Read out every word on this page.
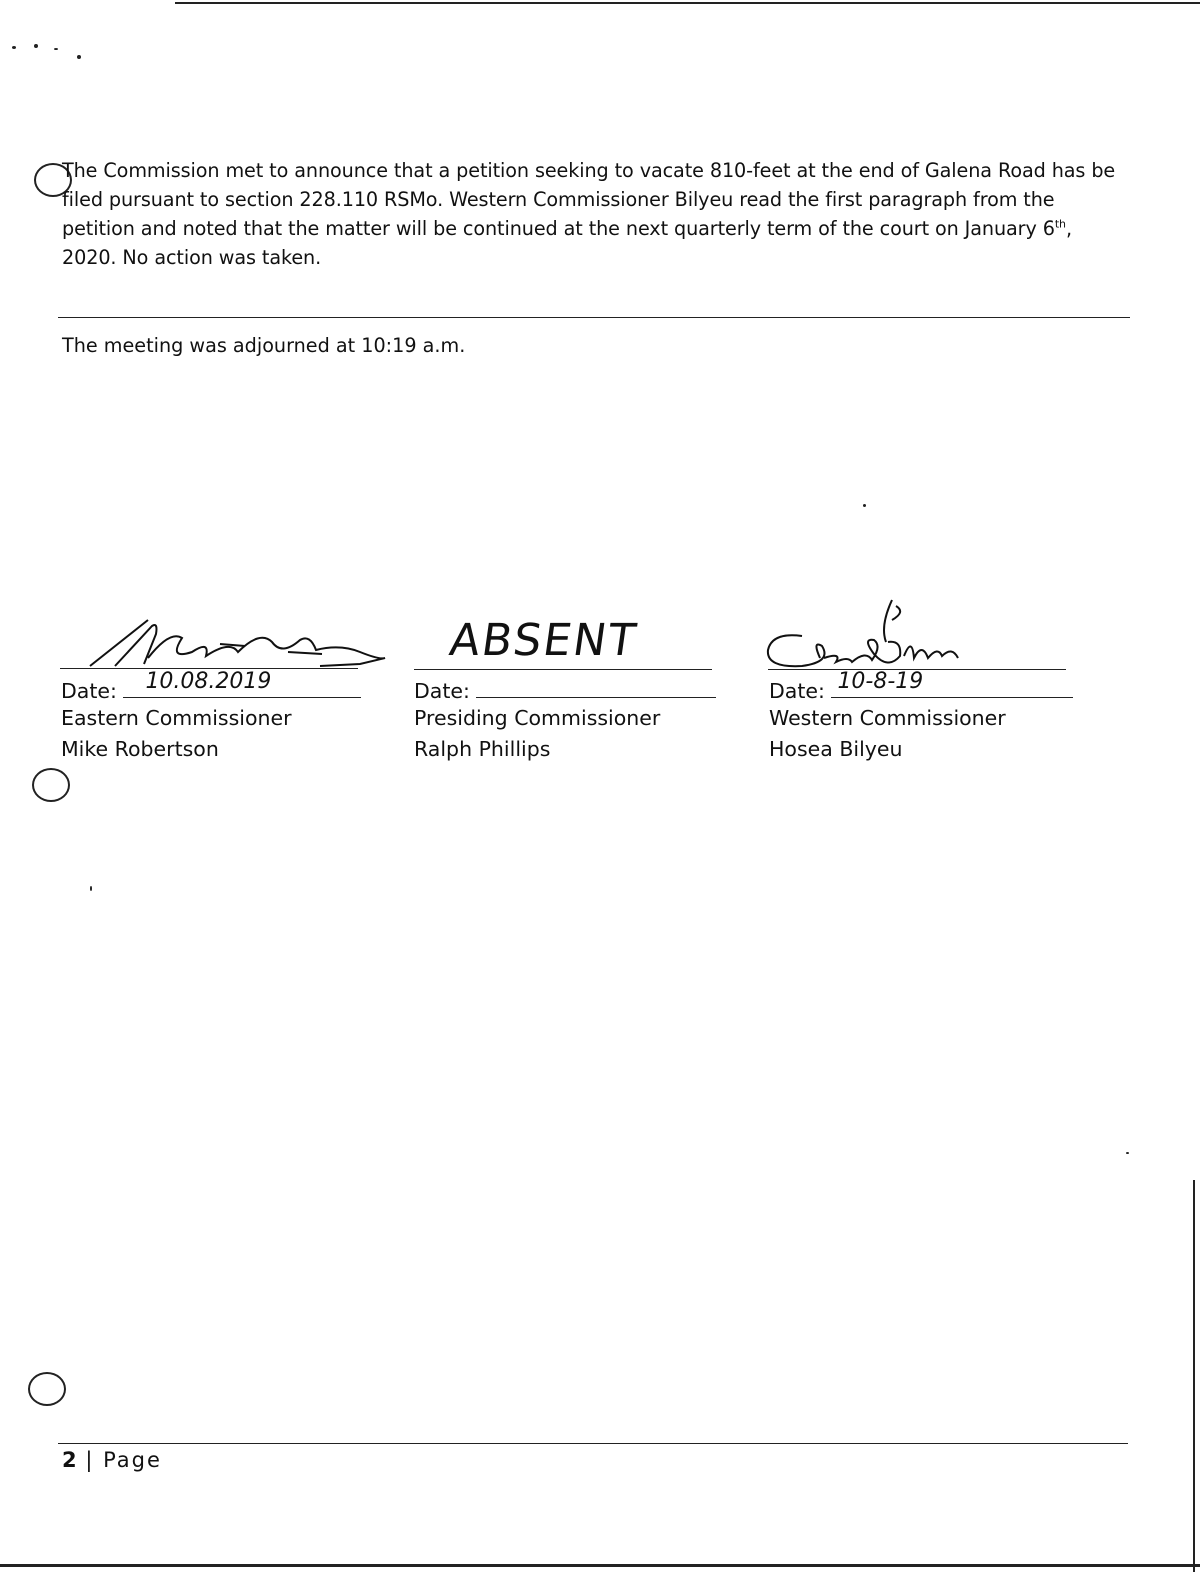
The Commission met to announce that a petition seeking to vacate 810-feet at the end of Galena Road has be filed pursuant to section 228.110 RSMo. Western Commissioner Bilyeu read the first paragraph from the petition and noted that the matter will be continued at the next quarterly term of the court on January 6th, 2020. No action was taken.
The meeting was adjourned at 10:19 a.m.
Date: 10.08.2019
Eastern Commissioner
Mike Robertson
ABSENT
Date:
Presiding Commissioner
Ralph Phillips
Date: 10-8-19
Western Commissioner
Hosea Bilyeu
2 | Page
